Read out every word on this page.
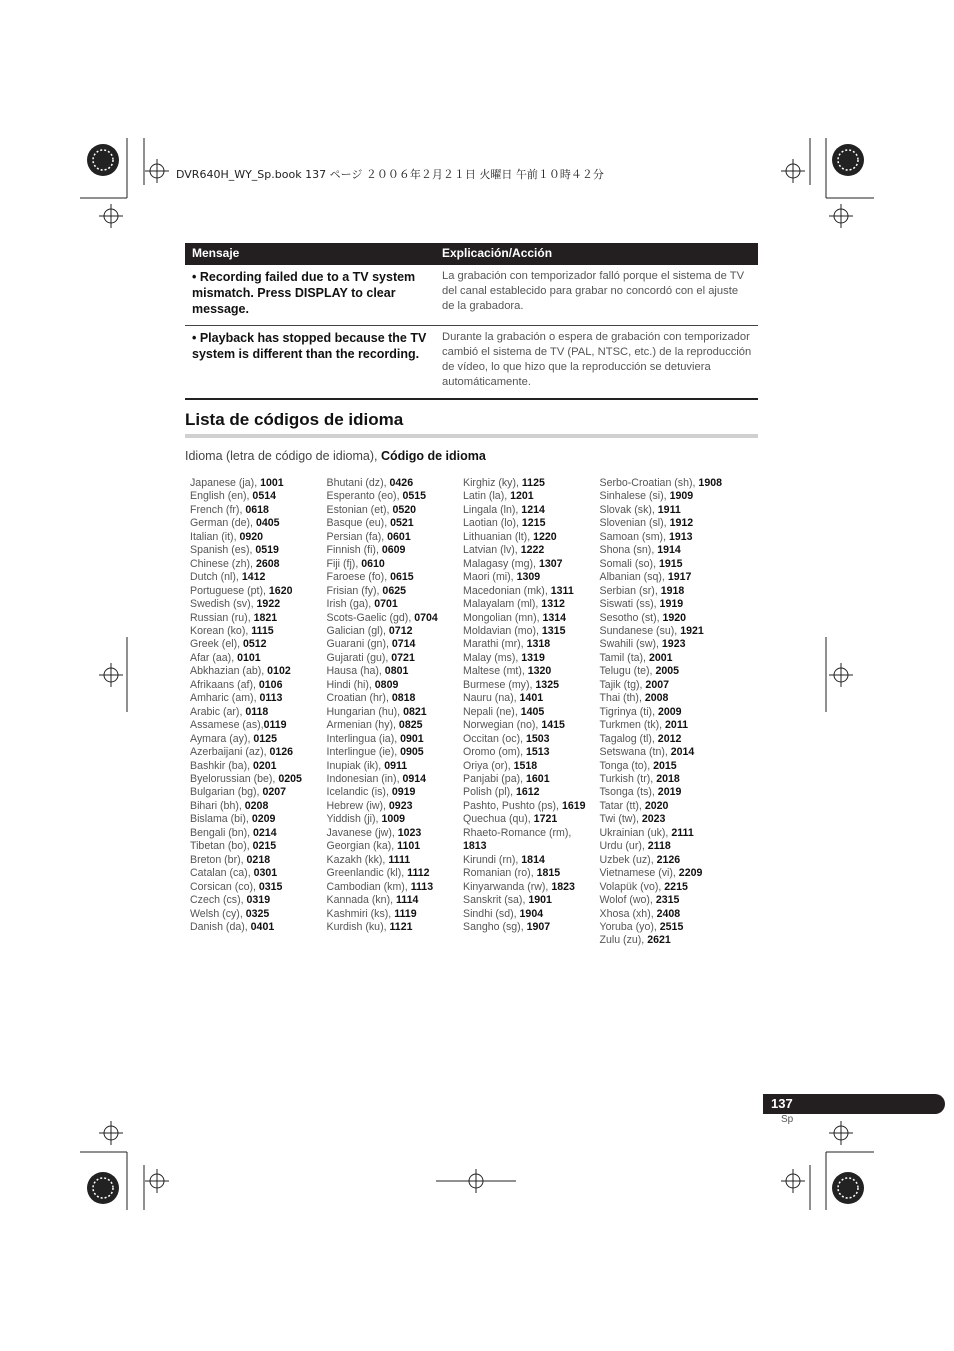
DVR640H_WY_Sp.book 137 ページ ２００６年２月２１日 火曜日 午前１０時４２分
Mensaje	Explicación/Acción
• Recording failed due to a TV system mismatch. Press DISPLAY to clear message.
La grabación con temporizador falló porque el sistema de TV del canal establecido para grabar no concordó con el ajuste de la grabadora.
• Playback has stopped because the TV system is different than the recording.
Durante la grabación o espera de grabación con temporizador cambió el sistema de TV (PAL, NTSC, etc.) de la reproducción de vídeo, lo que hizo que la reproducción se detuviera automáticamente.
Lista de códigos de idioma
Idioma (letra de código de idioma), Código de idioma
Japanese (ja), 1001
English (en), 0514
French (fr), 0618
German (de), 0405
Italian (it), 0920
Spanish (es), 0519
Chinese (zh), 2608
Dutch (nl), 1412
Portuguese (pt), 1620
Swedish (sv), 1922
Russian (ru), 1821
Korean (ko), 1115
Greek (el), 0512
Afar (aa), 0101
Abkhazian (ab), 0102
Afrikaans (af), 0106
Amharic (am), 0113
Arabic (ar), 0118
Assamese (as),0119
Aymara (ay), 0125
Azerbaijani (az), 0126
Bashkir (ba), 0201
Byelorussian (be), 0205
Bulgarian (bg), 0207
Bihari (bh), 0208
Bislama (bi), 0209
Bengali (bn), 0214
Tibetan (bo), 0215
Breton (br), 0218
Catalan (ca), 0301
Corsican (co), 0315
Czech (cs), 0319
Welsh (cy), 0325
Danish (da), 0401
Bhutani (dz), 0426
Esperanto (eo), 0515
Estonian (et), 0520
Basque (eu), 0521
Persian (fa), 0601
Finnish (fi), 0609
Fiji (fj), 0610
Faroese (fo), 0615
Frisian (fy), 0625
Irish (ga), 0701
Scots-Gaelic (gd), 0704
Galician (gl), 0712
Guarani (gn), 0714
Gujarati (gu), 0721
Hausa (ha), 0801
Hindi (hi), 0809
Croatian (hr), 0818
Hungarian (hu), 0821
Armenian (hy), 0825
Interlingua (ia), 0901
Interlingue (ie), 0905
Inupiak (ik), 0911
Indonesian (in), 0914
Icelandic (is), 0919
Hebrew (iw), 0923
Yiddish (ji), 1009
Javanese (jw), 1023
Georgian (ka), 1101
Kazakh (kk), 1111
Greenlandic (kl), 1112
Cambodian (km), 1113
Kannada (kn), 1114
Kashmiri (ks), 1119
Kurdish (ku), 1121
Kirghiz (ky), 1125
Latin (la), 1201
Lingala (ln), 1214
Laotian (lo), 1215
Lithuanian (lt), 1220
Latvian (lv), 1222
Malagasy (mg), 1307
Maori (mi), 1309
Macedonian (mk), 1311
Malayalam (ml), 1312
Mongolian (mn), 1314
Moldavian (mo), 1315
Marathi (mr), 1318
Malay (ms), 1319
Maltese (mt), 1320
Burmese (my), 1325
Nauru (na), 1401
Nepali (ne), 1405
Norwegian (no), 1415
Occitan (oc), 1503
Oromo (om), 1513
Oriya (or), 1518
Panjabi (pa), 1601
Polish (pl), 1612
Pashto, Pushto (ps), 1619
Quechua (qu), 1721
Rhaeto-Romance (rm),
1813
Kirundi (rn), 1814
Romanian (ro), 1815
Kinyarwanda (rw), 1823
Sanskrit (sa), 1901
Sindhi (sd), 1904
Sangho (sg), 1907
Serbo-Croatian (sh), 1908
Sinhalese (si), 1909
Slovak (sk), 1911
Slovenian (sl), 1912
Samoan (sm), 1913
Shona (sn), 1914
Somali (so), 1915
Albanian (sq), 1917
Serbian (sr), 1918
Siswati (ss), 1919
Sesotho (st), 1920
Sundanese (su), 1921
Swahili (sw), 1923
Tamil (ta), 2001
Telugu (te), 2005
Tajik (tg), 2007
Thai (th), 2008
Tigrinya (ti), 2009
Turkmen (tk), 2011
Tagalog (tl), 2012
Setswana (tn), 2014
Tonga (to), 2015
Turkish (tr), 2018
Tsonga (ts), 2019
Tatar (tt), 2020
Twi (tw), 2023
Ukrainian (uk), 2111
Urdu (ur), 2118
Uzbek (uz), 2126
Vietnamese (vi), 2209
Volapük (vo), 2215
Wolof (wo), 2315
Xhosa (xh), 2408
Yoruba (yo), 2515
Zulu (zu), 2621
137
Sp
